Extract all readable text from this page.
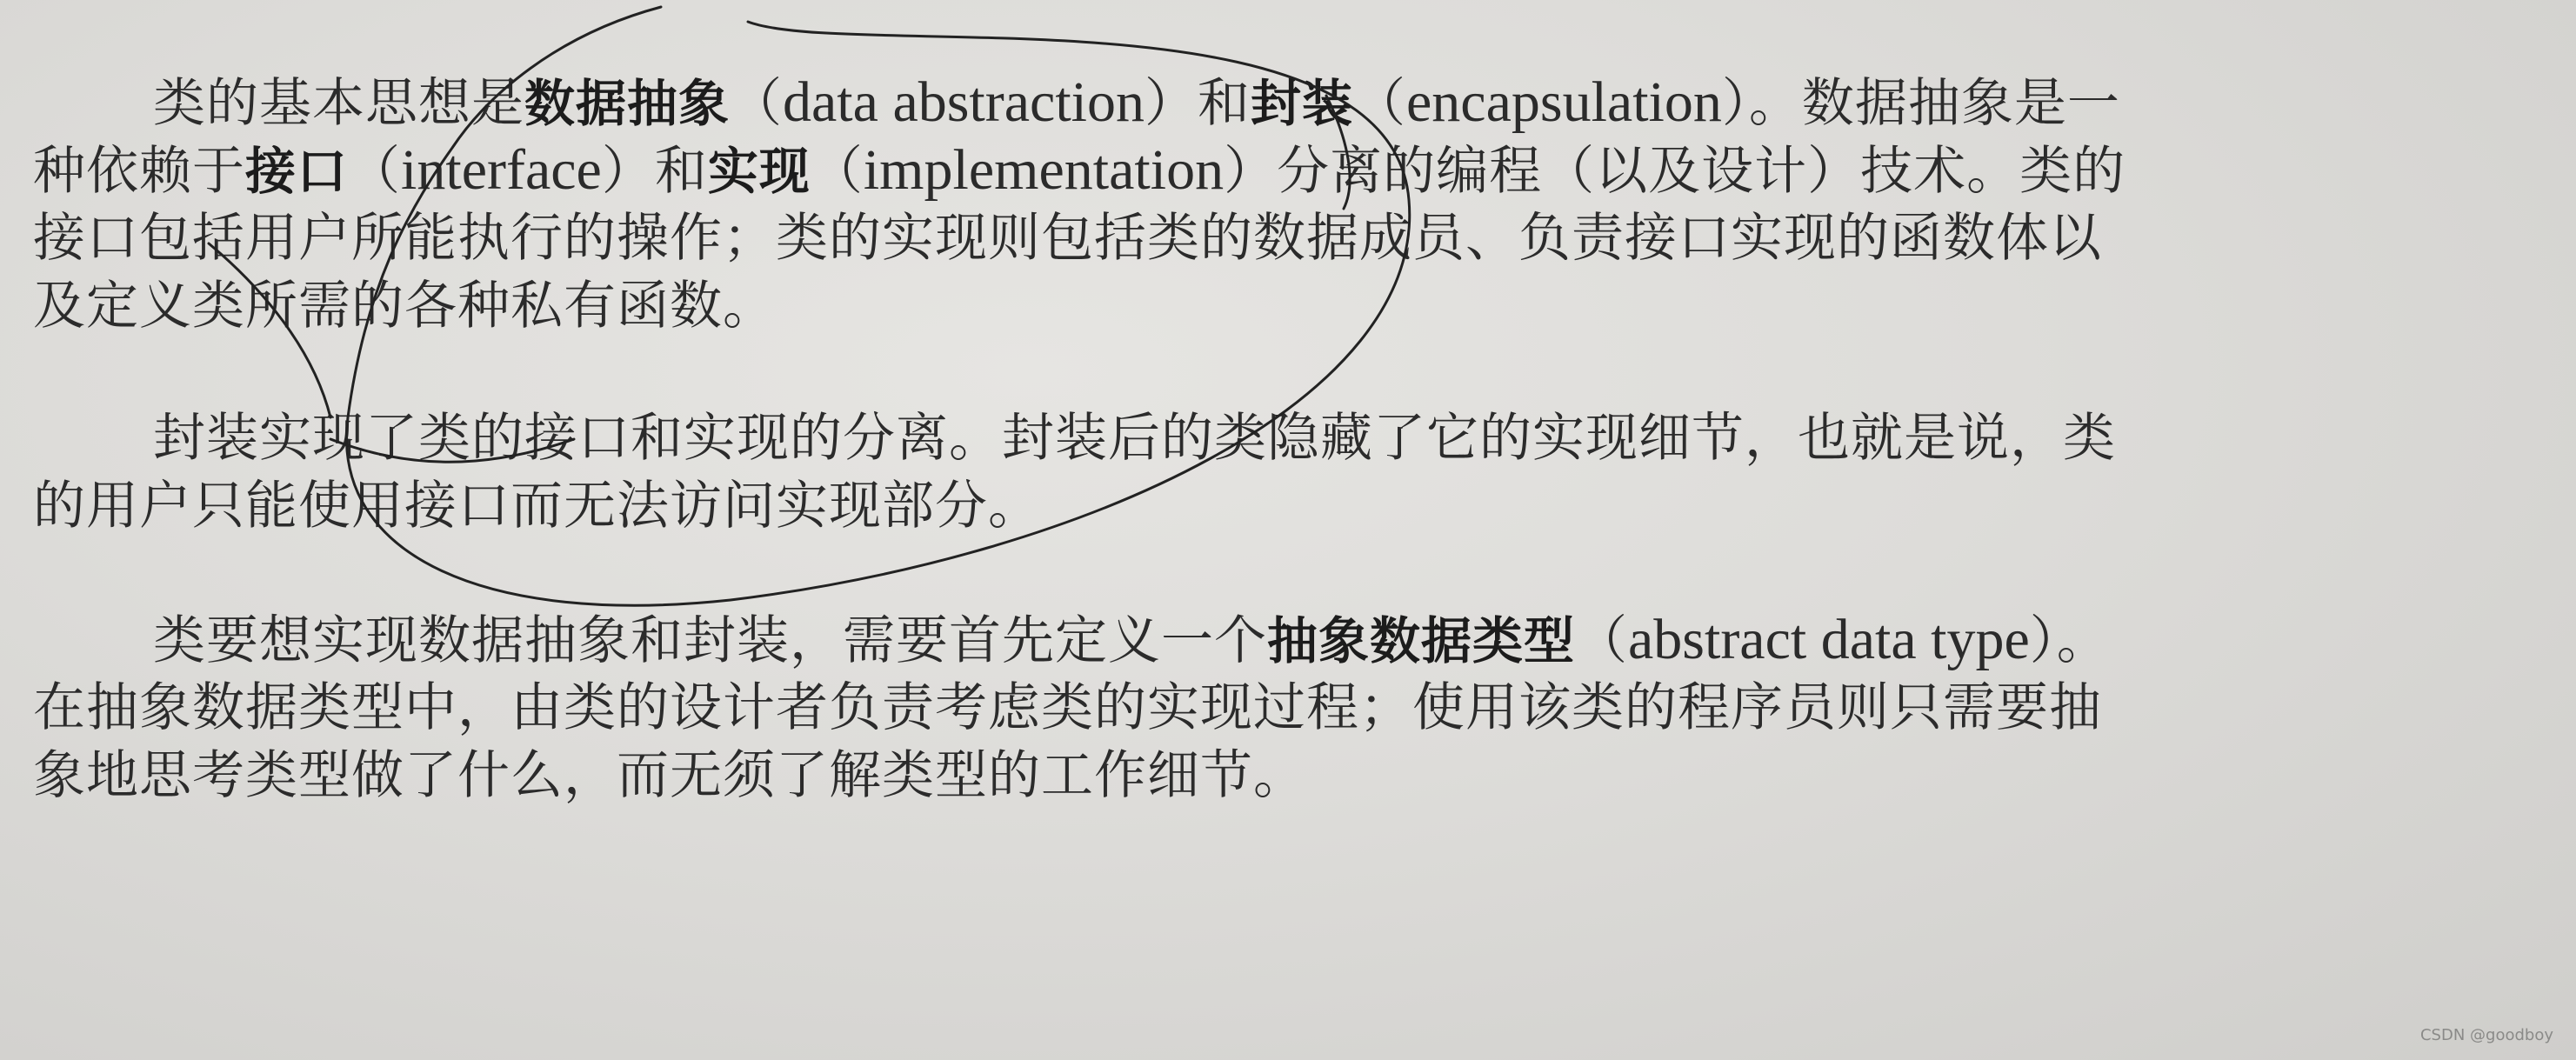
类的基本思想是数据抽象（data abstraction）和封装（encapsulation）。数据抽象是一
种依赖于接口（interface）和实现（implementation）分离的编程（以及设计）技术。类的
接口包括用户所能执行的操作；类的实现则包括类的数据成员、负责接口实现的函数体以
及定义类所需的各种私有函数。
封装实现了类的接口和实现的分离。封装后的类隐藏了它的实现细节，也就是说，类
的用户只能使用接口而无法访问实现部分。
类要想实现数据抽象和封装，需要首先定义一个抽象数据类型（abstract data type）。
在抽象数据类型中，由类的设计者负责考虑类的实现过程；使用该类的程序员则只需要抽
象地思考类型做了什么，而无须了解类型的工作细节。
CSDN @goodboy
